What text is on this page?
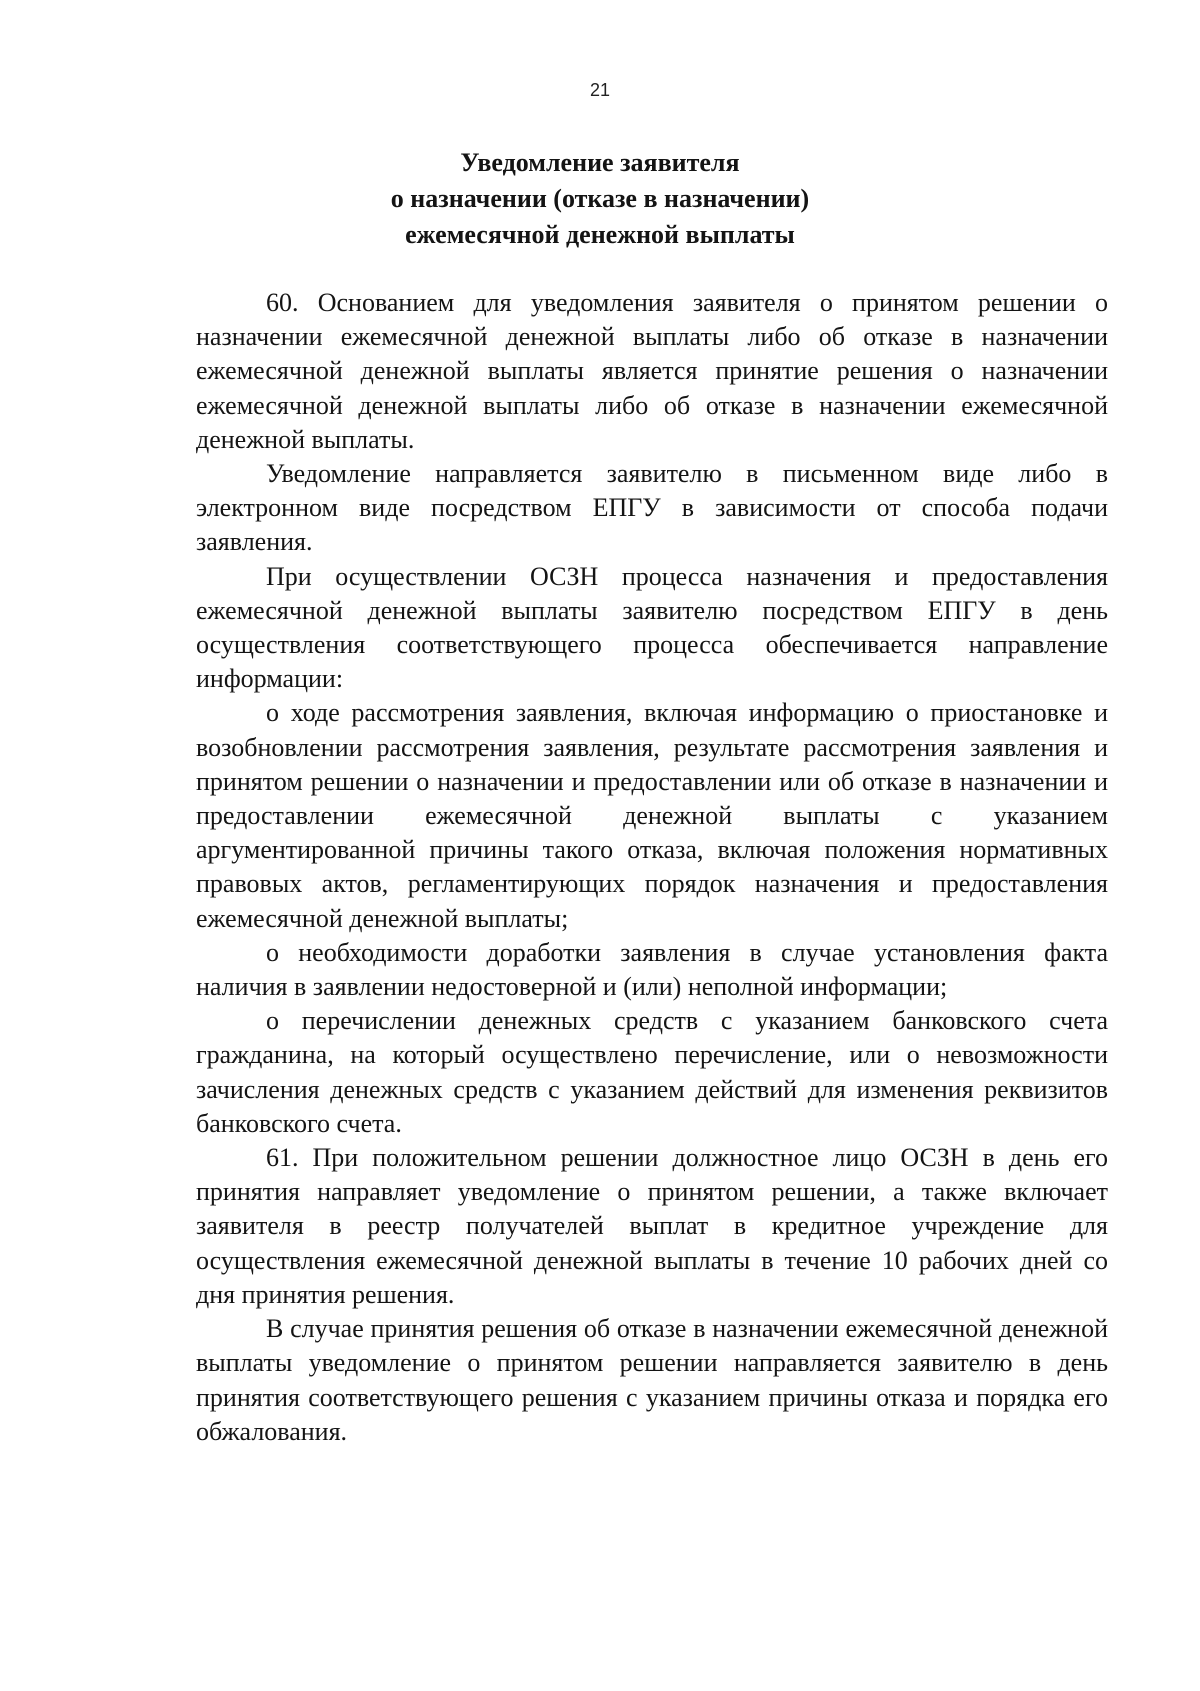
21
Уведомление заявителя
о назначении (отказе в назначении)
ежемесячной денежной выплаты

60. Основанием для уведомления заявителя о принятом решении о назначении ежемесячной денежной выплаты либо об отказе в назначении ежемесячной денежной выплаты является принятие решения о назначении ежемесячной денежной выплаты либо об отказе в назначении ежемесячной денежной выплаты.

Уведомление направляется заявителю в письменном виде либо в электронном виде посредством ЕПГУ в зависимости от способа подачи заявления.

При осуществлении ОСЗН процесса назначения и предоставления ежемесячной денежной выплаты заявителю посредством ЕПГУ в день осуществления соответствующего процесса обеспечивается направление информации:

о ходе рассмотрения заявления, включая информацию о приостановке и возобновлении рассмотрения заявления, результате рассмотрения заявления и принятом решении о назначении и предоставлении или об отказе в назначении и предоставлении ежемесячной денежной выплаты с указанием аргументированной причины такого отказа, включая положения нормативных правовых актов, регламентирующих порядок назначения и предоставления ежемесячной денежной выплаты;

о необходимости доработки заявления в случае установления факта наличия в заявлении недостоверной и (или) неполной информации;

о перечислении денежных средств с указанием банковского счета гражданина, на который осуществлено перечисление, или о невозможности зачисления денежных средств с указанием действий для изменения реквизитов банковского счета.

61. При положительном решении должностное лицо ОСЗН в день его принятия направляет уведомление о принятом решении, а также включает заявителя в реестр получателей выплат в кредитное учреждение для осуществления ежемесячной денежной выплаты в течение 10 рабочих дней со дня принятия решения.

В случае принятия решения об отказе в назначении ежемесячной денежной выплаты уведомление о принятом решении направляется заявителю в день принятия соответствующего решения с указанием причины отказа и порядка его обжалования.
